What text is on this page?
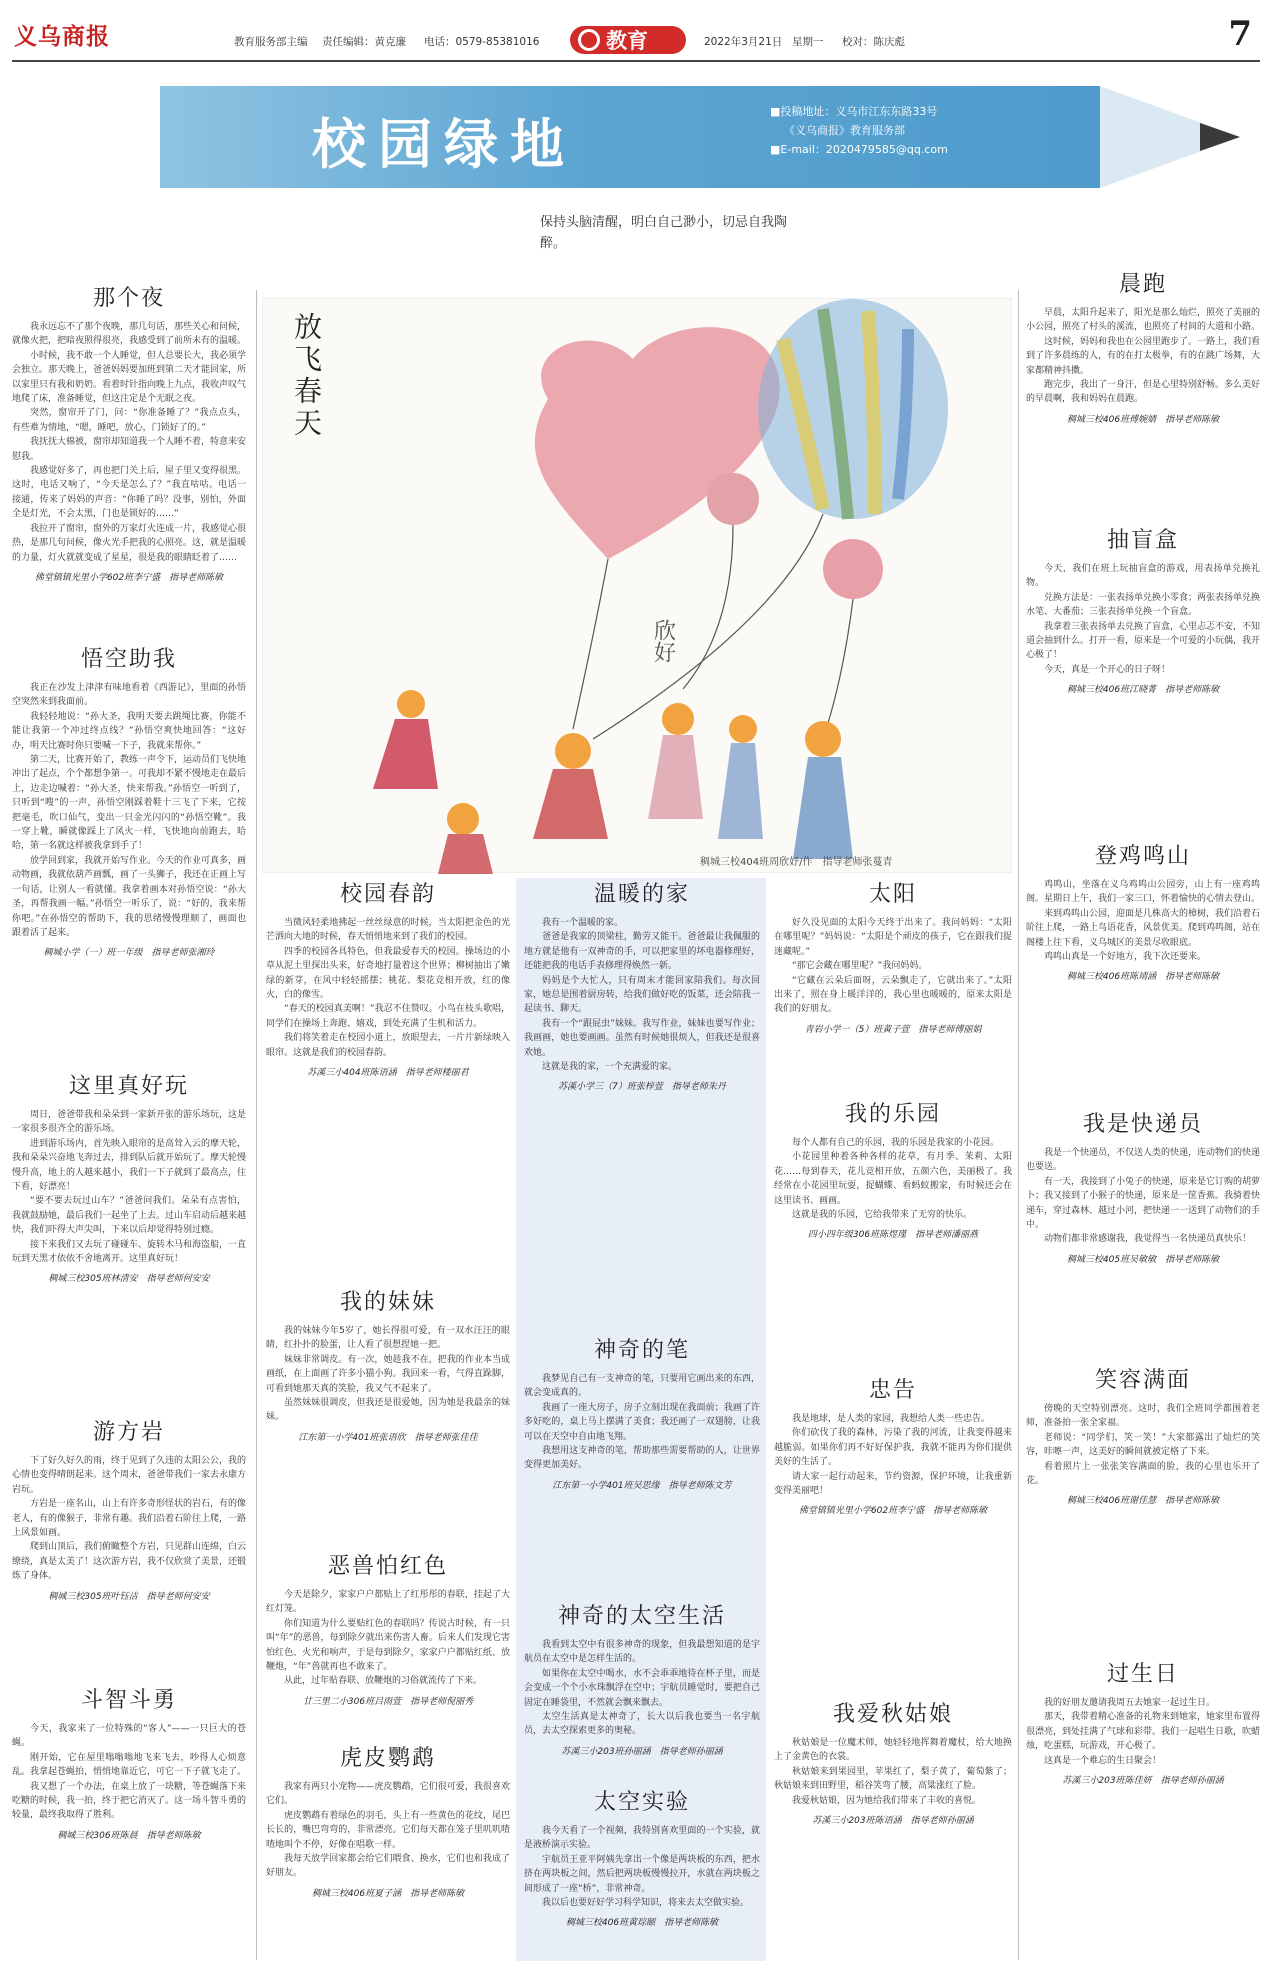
义乌商报	教育服务部主编 责任编辑：黄克廉 电话：0579-85381016	教育	2022年3月21日 星期一 校对：陈庆彪	7
校园绿地
■投稿地址：义乌市江东东路33号
《义乌商报》教育服务部
■E-mail：2020479585@qq.com
保持头脑清醒，明白自己渺小，切忌自我陶醉。
欣好
放飞春天
稠城三校404班周欣妤/作　指导老师张蔓青
那个夜

我永远忘不了那个夜晚，那几句话，那些关心和问候，就像火把，把暗夜照得很亮，我感受到了前所未有的温暖。

小时候，我不敢一个人睡觉，但人总要长大，我必须学会独立。那天晚上，爸爸妈妈要加班到第二天才能回家，所以家里只有我和奶奶。看着时针指向晚上九点，我收声叹气地爬了床，准备睡觉，但这注定是个无眠之夜。

突然，窗帘开了门，问：“你准备睡了？”我点点头，有些难为情地，“嗯，睡吧，放心，门锁好了的。”

我抚抚大棉被，窗帘却知道我一个人睡不着，特意来安慰我。

我感觉好多了，再也把门关上后，屋子里又变得很黑。这时，电话又响了，“今天是怎么了？”我直咕咕。电话一接通，传来了妈妈的声音：“你睡了吗？没事，别怕，外面全是灯光，不会太黑，门也是锁好的……”

我拉开了窗帘，窗外的万家灯火连成一片，我感觉心很热，是那几句问候，像火光手把我的心照亮。这，就是温暖的力量，灯火就就变成了星星，很是我的眼睛眨着了……

佛堂镇镇光里小学602班李宁盛　指导老师陈敏
悟空助我

我正在沙发上津津有味地看着《西游记》，里面的孙悟空突然来到我面前。

我轻轻地说：“孙大圣，我明天要去跳绳比赛，你能不能让我第一个冲过终点线？”孙悟空爽快地回答：“这好办，明天比赛时你只要喊一下子，我就来帮你。”

第二天，比赛开始了，教练一声令下，运动员们飞快地冲出了起点，个个都想争第一。可我却不紧不慢地走在最后上，边走边喊着：“孙大圣，快来帮我。”孙悟空一听到了，只听到“嗖”的一声，孙悟空刚踩着鞋十三飞了下来，它按把毫毛，吹口仙气，变出一只金光闪闪的“孙悟空靴”。我一穿上靴，瞬就像踩上了风火一样，飞快地向前跑去，哈哈，第一名就这样被我拿到手了！

放学回到家，我就开始写作业。今天的作业可真多，画动物画，我就依葫芦画瓢，画了一头狮子，我还在正画上写一句话，让别人一看就懂。我拿着画本对孙悟空说：“孙大圣，再帮我画一幅。”孙悟空一听乐了，说：“好的，我来帮你吧。”在孙悟空的帮助下，我的思绪慢慢理顺了，画面也跟着活了起来。

稠城小学（一）班一年级　指导老师张湘玲
这里真好玩

周日，爸爸带我和朵朵到一家新开张的游乐场玩，这是一家很多很齐全的游乐场。

进到游乐场内，首先映入眼帘的是高耸入云的摩天轮，我和朵朵兴奋地飞奔过去，排到队后就开始玩了。摩天轮慢慢升高，地上的人越来越小，我们一下子就到了最高点，往下看，好漂亮！

“要不要去玩过山车？”爸爸问我们。朵朵有点害怕，我就鼓励她，最后我们一起坐了上去。过山车启动后越来越快，我们吓得大声尖叫，下来以后却觉得特别过瘾。

接下来我们又去玩了碰碰车、旋转木马和海盗船，一直玩到天黑才依依不舍地离开。这里真好玩！

稠城三校305班林清安　指导老师何安安
游方岩

下了好久好久的雨，终于见到了久违的太阳公公，我的心情也变得晴朗起来。这个周末，爸爸带我们一家去永康方岩玩。

方岩是一座名山，山上有许多奇形怪状的岩石，有的像老人，有的像猴子，非常有趣。我们沿着石阶往上爬，一路上风景如画。

爬到山顶后，我们俯瞰整个方岩，只见群山连绵，白云缭绕，真是太美了！这次游方岩，我不仅欣赏了美景，还锻炼了身体。

稠城三校305班叶钰洁　指导老师何安安
斗智斗勇

今天，我家来了一位特殊的“客人”——一只巨大的苍蝇。

刚开始，它在屋里嗡嗡嗡地飞来飞去，吵得人心烦意乱。我拿起苍蝇拍，悄悄地靠近它，可它一下子就飞走了。

我又想了一个办法，在桌上放了一块糖，等苍蝇落下来吃糖的时候，我一拍，终于把它消灭了。这一场斗智斗勇的较量，最终我取得了胜利。

稠城三校306班陈晨　指导老师陈敏
校园春韵

当微风轻柔地拂起一丝丝绿意的时候，当太阳把金色的光芒洒向大地的时候，春天悄悄地来到了我们的校园。

四季的校园各具特色，但我最爱春天的校园。操场边的小草从泥土里探出头来，好奇地打量着这个世界；柳树抽出了嫩绿的新芽，在风中轻轻摇摆；桃花、梨花竞相开放，红的像火，白的像雪。

“春天的校园真美啊！”我忍不住赞叹。小鸟在枝头歌唱，同学们在操场上奔跑、嬉戏，到处充满了生机和活力。

我们将笑着走在校园小道上，放眼望去，一片片新绿映入眼帘。这就是我们的校园春韵。

苏溪三小404班陈语涵　指导老师楼丽君
我的妹妹

我的妹妹今年5岁了，她长得很可爱，有一双水汪汪的眼睛，红扑扑的脸蛋，让人看了很想捏她一把。

妹妹非常调皮。有一次，她趁我不在，把我的作业本当成画纸，在上面画了许多小猫小狗。我回来一看，气得直跺脚，可看到她那天真的笑脸，我又气不起来了。

虽然妹妹很调皮，但我还是很爱她，因为她是我最亲的妹妹。

江东第一小学401班张语欣　指导老师张佳佳
恶兽怕红色

今天是除夕，家家户户都贴上了红彤彤的春联，挂起了大红灯笼。

你们知道为什么要贴红色的春联吗？传说古时候，有一只叫“年”的恶兽，每到除夕就出来伤害人畜。后来人们发现它害怕红色、火光和响声，于是每到除夕，家家户户都贴红纸、放鞭炮，“年”兽就再也不敢来了。

从此，过年贴春联、放鞭炮的习俗就流传了下来。

廿三里二小306班吕雨萱　指导老师倪丽秀
虎皮鹦鹉

我家有两只小宠物——虎皮鹦鹉，它们很可爱，我很喜欢它们。

虎皮鹦鹉有着绿色的羽毛，头上有一些黄色的花纹，尾巴长长的，嘴巴弯弯的，非常漂亮。它们每天都在笼子里叽叽喳喳地叫个不停，好像在唱歌一样。

我每天放学回家都会给它们喂食、换水，它们也和我成了好朋友。

稠城三校406班夏子涵　指导老师陈敏
温暖的家

我有一个温暖的家。

爸爸是我家的顶梁柱，勤劳又能干。爸爸最让我佩服的地方就是他有一双神奇的手，可以把家里的坏电器修理好，还能把我的电话手表修理得焕然一新。

妈妈是个大忙人，只有周末才能回家陪我们。每次回家，她总是围着厨房转，给我们做好吃的饭菜，还会陪我一起读书、聊天。

我有一个“跟屁虫”妹妹。我写作业，妹妹也要写作业；我画画，她也要画画。虽然有时候她很烦人，但我还是很喜欢她。

这就是我的家，一个充满爱的家。

苏溪小学三（7）班张梓萱　指导老师朱丹
神奇的笔

我梦见自己有一支神奇的笔，只要用它画出来的东西，就会变成真的。

我画了一座大房子，房子立刻出现在我面前；我画了许多好吃的，桌上马上摆满了美食；我还画了一双翅膀，让我可以在天空中自由地飞翔。

我想用这支神奇的笔，帮助那些需要帮助的人，让世界变得更加美好。

江东第一小学401班吴思缘　指导老师陈文芳
神奇的太空生活

我看到太空中有很多神奇的现象，但我最想知道的是宇航员在太空中是怎样生活的。

如果你在太空中喝水，水不会乖乖地待在杯子里，而是会变成一个个小水珠飘浮在空中；宇航员睡觉时，要把自己固定在睡袋里，不然就会飘来飘去。

太空生活真是太神奇了，长大以后我也要当一名宇航员，去太空探索更多的奥秘。

苏溪三小203班孙丽涵　指导老师孙丽涵
太空实验

我今天看了一个视频，我特别喜欢里面的一个实验，就是液桥演示实验。

宇航员王亚平阿姨先拿出一个像是两块板的东西，把水挤在两块板之间，然后把两块板慢慢拉开，水就在两块板之间形成了一座“桥”，非常神奇。

我以后也要好好学习科学知识，将来去太空做实验。

稠城三校406班黄琮颐　指导老师陈敏
太阳

好久没见面的太阳今天终于出来了。我问妈妈：“太阳在哪里呢？”妈妈说：“太阳是个顽皮的孩子，它在跟我们捉迷藏呢。”

“那它会藏在哪里呢？”我问妈妈。

“它藏在云朵后面呀，云朵飘走了，它就出来了。”太阳出来了，照在身上暖洋洋的，我心里也暖暖的，原来太阳是我们的好朋友。

青岩小学一（5）班黄子萱　指导老师傅丽娟
我的乐园

每个人都有自己的乐园，我的乐园是我家的小花园。

小花园里种着各种各样的花草，有月季、茉莉、太阳花……每到春天，花儿竞相开放，五颜六色，美丽极了。我经常在小花园里玩耍，捉蝴蝶、看蚂蚁搬家，有时候还会在这里读书、画画。

这就是我的乐园，它给我带来了无穷的快乐。

四小四年级306班陈煜瑾　指导老师潘丽燕
忠告

我是地球，是人类的家园，我想给人类一些忠告。

你们砍伐了我的森林，污染了我的河流，让我变得越来越脆弱。如果你们再不好好保护我，我就不能再为你们提供美好的生活了。

请大家一起行动起来，节约资源，保护环境，让我重新变得美丽吧！

佛堂镇镇光里小学602班李宁盛　指导老师陈敏
我爱秋姑娘

秋姑娘是一位魔术师，她轻轻地挥舞着魔杖，给大地换上了金黄色的衣裳。

秋姑娘来到果园里，苹果红了，梨子黄了，葡萄紫了；秋姑娘来到田野里，稻谷笑弯了腰，高粱涨红了脸。

我爱秋姑娘，因为她给我们带来了丰收的喜悦。

苏溪三小203班陈语涵　指导老师孙丽涵
晨跑

早晨，太阳升起来了，阳光是那么灿烂，照亮了美丽的小公园，照亮了村头的溪流，也照亮了村间的大道和小路。

这时候，妈妈和我也在公园里跑步了。一路上，我们看到了许多晨练的人，有的在打太极拳，有的在跳广场舞，大家都精神抖擞。

跑完步，我出了一身汗，但是心里特别舒畅。多么美好的早晨啊，我和妈妈在晨跑。

稠城三校406班傅婉婧　指导老师陈敏
抽盲盒

今天，我们在班上玩抽盲盒的游戏，用表扬单兑换礼物。

兑换方法是：一张表扬单兑换小零食；两张表扬单兑换水笔、大番茄；三张表扬单兑换一个盲盒。

我拿着三张表扬单去兑换了盲盒，心里忐忑不安，不知道会抽到什么。打开一看，原来是一个可爱的小玩偶，我开心极了！

今天，真是一个开心的日子呀！

稠城三校406班江晓菁　指导老师陈敏
登鸡鸣山

鸡鸣山，坐落在义乌鸡鸣山公园旁，山上有一座鸡鸣阁。星期日上午，我们一家三口，怀着愉快的心情去登山。

来到鸡鸣山公园，迎面是几株高大的樟树，我们沿着石阶往上爬，一路上鸟语花香，风景优美。爬到鸡鸣阁，站在阁楼上往下看，义乌城区的美景尽收眼底。

鸡鸣山真是一个好地方，我下次还要来。

稠城三校406班陈靖涵　指导老师陈敏
我是快递员

我是一个快递员，不仅送人类的快递，连动物们的快递也要送。

有一天，我接到了小兔子的快递，原来是它订购的胡萝卜；我又接到了小猴子的快递，原来是一筐香蕉。我骑着快递车，穿过森林、越过小河，把快递一一送到了动物们的手中。

动物们都非常感谢我，我觉得当一名快递员真快乐！

稠城三校405班吴敏敏　指导老师陈敏
笑容满面

傍晚的天空特别漂亮。这时，我们全班同学都围着老师，准备拍一张全家福。

老师说：“同学们，笑一笑！”大家都露出了灿烂的笑容，咔嚓一声，这美好的瞬间就被定格了下来。

看着照片上一张张笑容满面的脸，我的心里也乐开了花。

稠城三校406班谢佳慧　指导老师陈敏
过生日

我的好朋友邀请我周五去她家一起过生日。

那天，我带着精心准备的礼物来到她家，她家里布置得很漂亮，到处挂满了气球和彩带。我们一起唱生日歌，吹蜡烛，吃蛋糕，玩游戏，开心极了。

这真是一个难忘的生日聚会！

苏溪三小203班陈佳妍　指导老师孙丽涵
